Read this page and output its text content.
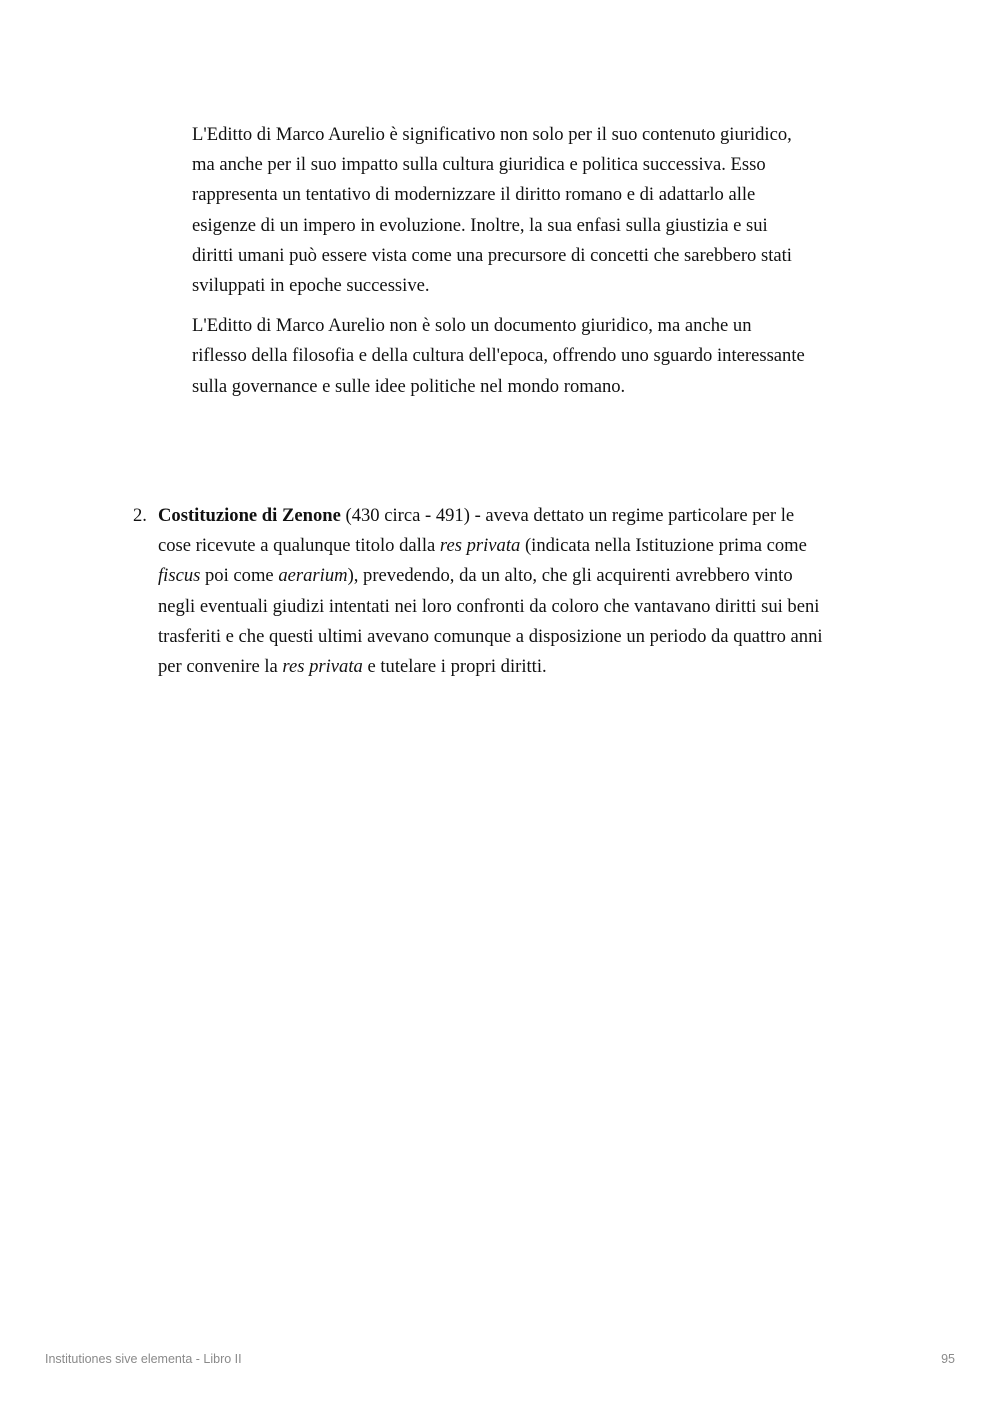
L'Editto di Marco Aurelio è significativo non solo per il suo contenuto giuridico,
ma anche per il suo impatto sulla cultura giuridica e politica successiva. Esso
rappresenta un tentativo di modernizzare il diritto romano e di adattarlo alle
esigenze di un impero in evoluzione. Inoltre, la sua enfasi sulla giustizia e sui
diritti umani può essere vista come una precursore di concetti che sarebbero stati
sviluppati in epoche successive.

L'Editto di Marco Aurelio non è solo un documento giuridico, ma anche un
riflesso della filosofia e della cultura dell'epoca, offrendo uno sguardo interessante
sulla governance e sulle idee politiche nel mondo romano.

2. Costituzione di Zenone (430 circa - 491) - aveva dettato un regime particolare per le
cose ricevute a qualunque titolo dalla res privata (indicata nella Istituzione prima come
fiscus poi come aerarium), prevedendo, da un alto, che gli acquirenti avrebbero vinto
negli eventuali giudizi intentati nei loro confronti da coloro che vantavano diritti sui beni
trasferiti e che questi ultimi avevano comunque a disposizione un periodo da quattro anni
per convenire la res privata e tutelare i propri diritti.
Institutiones sive elementa - Libro II	95
